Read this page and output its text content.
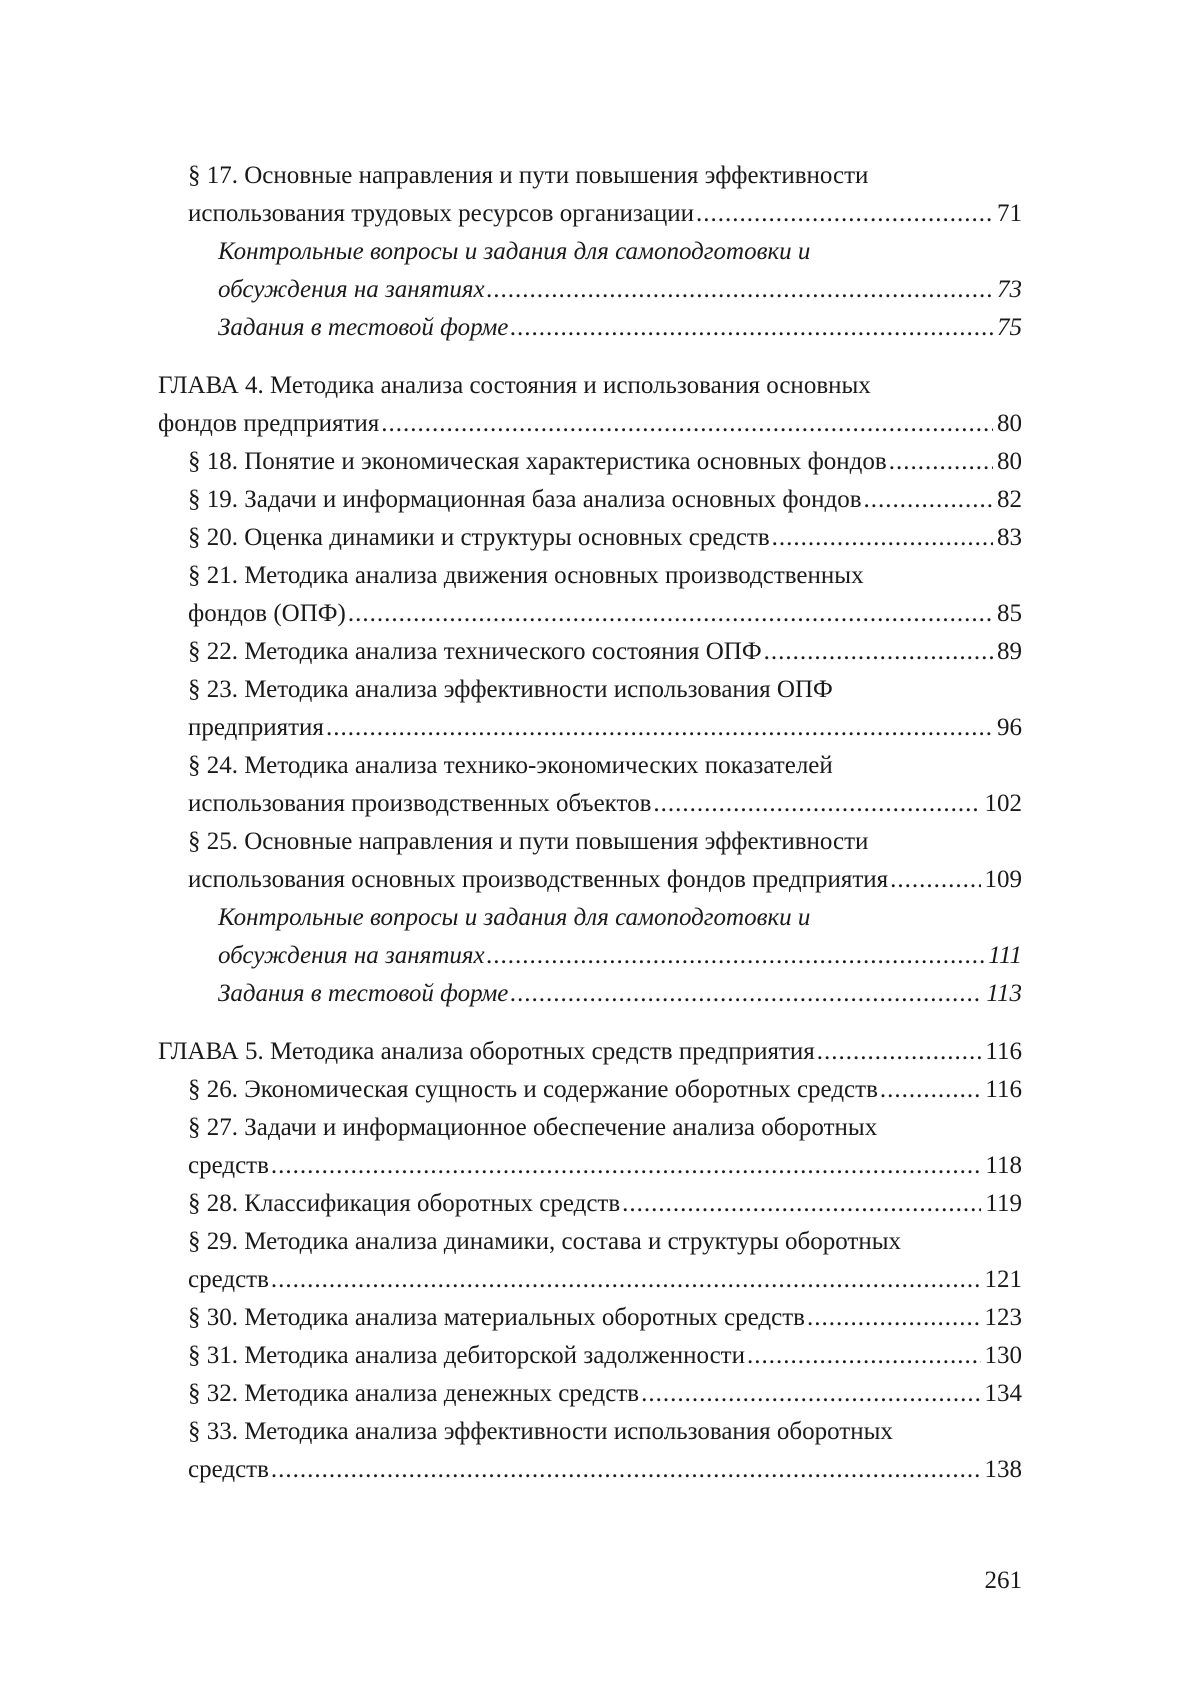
§ 17. Основные направления и пути повышения эффективности
использования трудовых ресурсов организации .....	71
Контрольные вопросы и задания для самоподготовки и
обсуждения на занятиях .....	73
Задания в тестовой форме .....	75
ГЛАВА 4. Методика анализа состояния и использования основных
фондов предприятия .....	80
§ 18. Понятие и экономическая характеристика основных фондов .....	80
§ 19. Задачи и информационная база анализа основных фондов .....	82
§ 20. Оценка динамики и структуры основных средств .....	83
§ 21. Методика анализа движения основных производственных
фондов (ОПФ) .....	85
§ 22. Методика анализа технического состояния ОПФ .....	89
§ 23. Методика анализа эффективности использования ОПФ
предприятия .....	96
§ 24. Методика анализа технико-экономических показателей
использования производственных объектов .....	102
§ 25. Основные направления и пути повышения эффективности
использования основных производственных фондов предприятия .....	109
Контрольные вопросы и задания для самоподготовки и
обсуждения на занятиях .....	111
Задания в тестовой форме .....	113
ГЛАВА 5. Методика анализа оборотных средств предприятия .....	116
§ 26. Экономическая сущность и содержание оборотных средств .....	116
§ 27. Задачи и информационное обеспечение анализа оборотных
средств .....	118
§ 28. Классификация оборотных средств .....	119
§ 29. Методика анализа динамики, состава и структуры оборотных
средств .....	121
§ 30. Методика анализа материальных оборотных средств .....	123
§ 31. Методика анализа дебиторской задолженности .....	130
§ 32. Методика анализа денежных средств .....	134
§ 33. Методика анализа эффективности использования оборотных
средств .....	138
261
